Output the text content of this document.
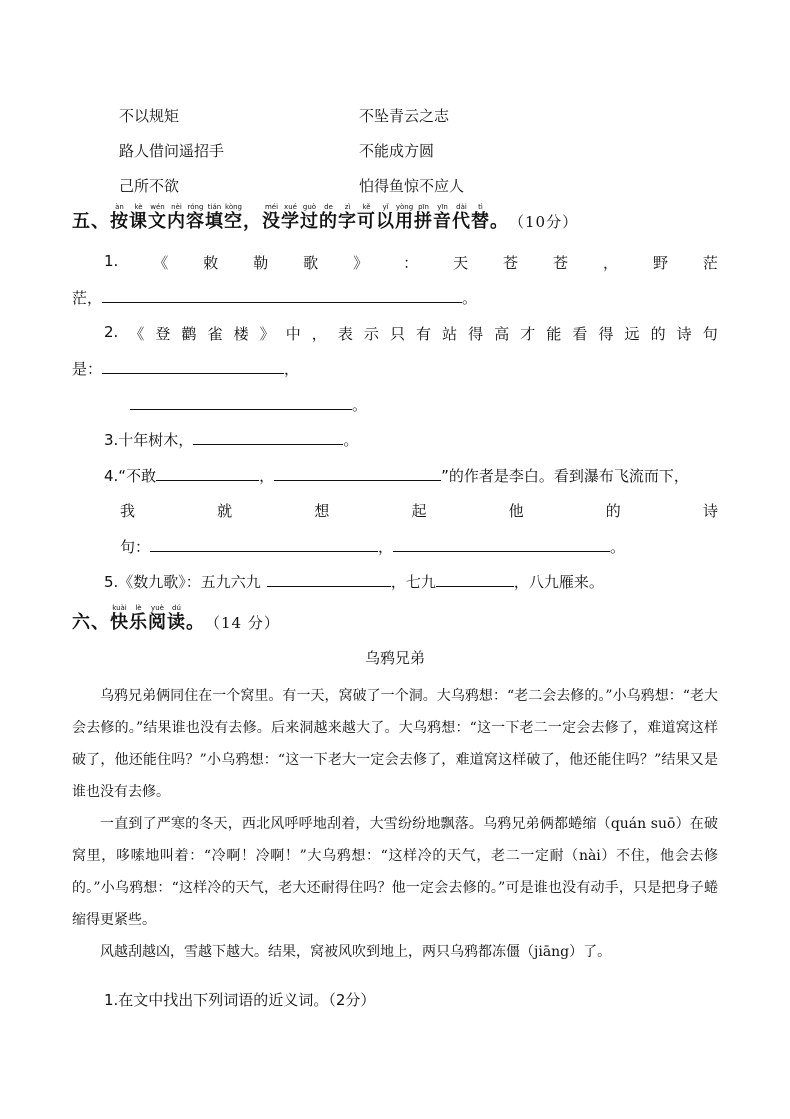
不以规矩	不坠青云之志
路人借问遥招手	不能成方圆
己所不欲	怕得鱼惊不应人
五、按àn课kè文wén内nèi容róng填tián空kòng，没méi学xué过guò的de字zì可kě以yǐ用yòng拼pīn音yīn代dài替tì。（10分）
1. 《 敕 勒 歌 》 ： 天 苍 苍 ， 野 茫
茫，	。
2. 《 登 鹳 雀 楼 》 中 ， 表 示 只 有 站 得 高 才 能 看 得 远 的 诗 句
是：	，
。
3.十年树木，	。
4.“不敢	，	”的作者是李白。看到瀑布飞流而下，
我	就	想	起	他	的	诗
句：	，	。
5.《数九歌》：五九六九	，七九	，八九雁来。
六、快kuài乐lè阅yuè读dú。（14 分）
乌鸦兄弟

乌鸦兄弟俩同住在一个窝里。有一天，窝破了一个洞。大乌鸦想：“老二会去修的。”小乌鸦想：“老大会去修的。”结果谁也没有去修。后来洞越来越大了。大乌鸦想：“这一下老二一定会去修了，难道窝这样破了，他还能住吗？”小乌鸦想：“这一下老大一定会去修了，难道窝这样破了，他还能住吗？”结果又是谁也没有去修。

一直到了严寒的冬天，西北风呼呼地刮着，大雪纷纷地飘落。乌鸦兄弟俩都蜷缩（quán suō）在破窝里，哆嗦地叫着：“冷啊！冷啊！”大乌鸦想：“这样冷的天气，老二一定耐（nài）不住，他会去修的。”小乌鸦想：“这样冷的天气，老大还耐得住吗？他一定会去修的。”可是谁也没有动手，只是把身子蜷缩得更紧些。

风越刮越凶，雪越下越大。结果，窝被风吹到地上，两只乌鸦都冻僵（jiāng）了。

1.在文中找出下列词语的近义词。（2分）
